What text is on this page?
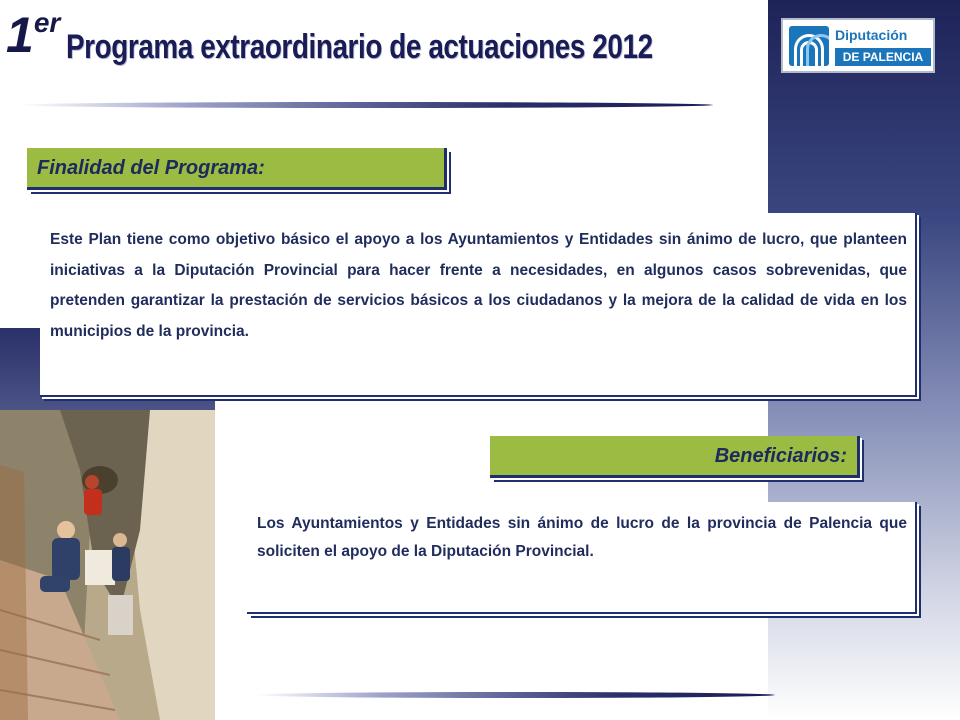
1er
Programa extraordinario de actuaciones 2012	Diputación
DE PALENCIA
Finalidad del Programa:

Este Plan tiene como objetivo básico el apoyo a los Ayuntamientos y Entidades sin ánimo de lucro, que planteen iniciativas a la Diputación Provincial para hacer frente a necesidades, en algunos casos sobrevenidas, que pretenden garantizar la prestación de servicios básicos a los ciudadanos y la mejora de la calidad de vida en los municipios de la provincia.

Beneficiarios:

Los Ayuntamientos y Entidades sin ánimo de lucro de la provincia de Palencia que soliciten el apoyo de la Diputación Provincial.
